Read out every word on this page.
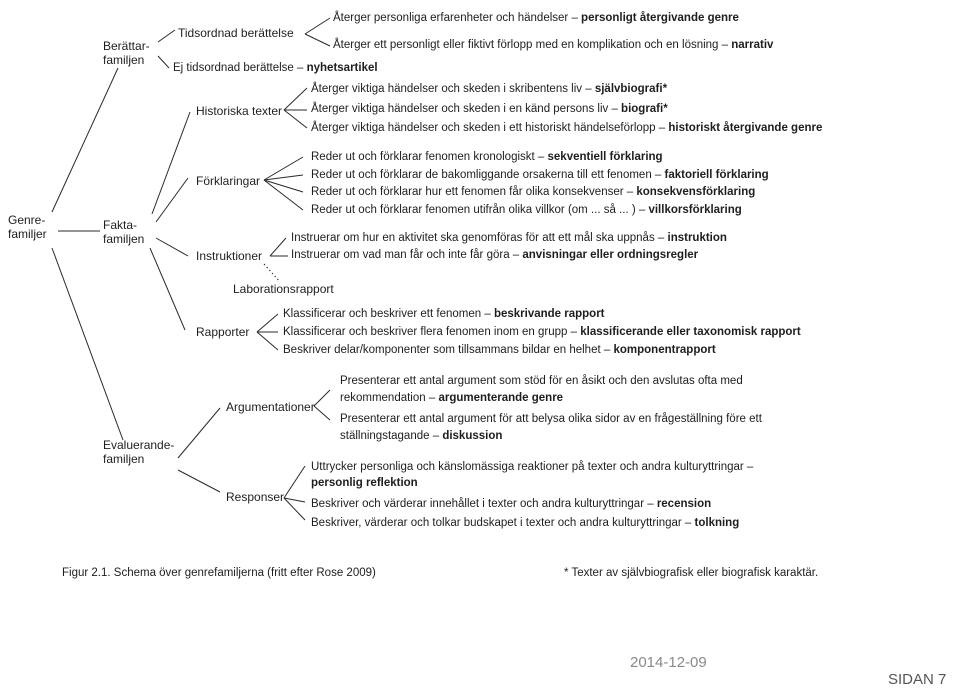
Genre-
familjer
Berättar-
familjen
Fakta-
familjen
Evaluerande-
familjen
Tidsordnad berättelse
Historiska texter
Förklaringar
Instruktioner
Laborationsrapport
Rapporter
Argumentationer
Responser
Återger personliga erfarenheter och händelser – personligt återgivande genre
Återger ett personligt eller fiktivt förlopp med en komplikation och en lösning – narrativ
Ej tidsordnad berättelse – nyhetsartikel
Återger viktiga händelser och skeden i skribentens liv – självbiografi*
Återger viktiga händelser och skeden i en känd persons liv – biografi*
Återger viktiga händelser och skeden i ett historiskt händelseförlopp – historiskt återgivande genre
Reder ut och förklarar fenomen kronologiskt – sekventiell förklaring
Reder ut och förklarar de bakomliggande orsakerna till ett fenomen – faktoriell förklaring
Reder ut och förklarar hur ett fenomen får olika konsekvenser – konsekvensförklaring
Reder ut och förklarar fenomen utifrån olika villkor (om ... så ... ) – villkorsförklaring
Instruerar om hur en aktivitet ska genomföras för att ett mål ska uppnås – instruktion
Instruerar om vad man får och inte får göra – anvisningar eller ordningsregler
Klassificerar och beskriver ett fenomen – beskrivande rapport
Klassificerar och beskriver flera fenomen inom en grupp – klassificerande eller taxonomisk rapport
Beskriver delar/komponenter som tillsammans bildar en helhet – komponentrapport
Presenterar ett antal argument som stöd för en åsikt och den avslutas ofta med
rekommendation – argumenterande genre
Presenterar ett antal argument för att belysa olika sidor av en frågeställning före ett
ställningstagande – diskussion
Uttrycker personliga och känslomässiga reaktioner på texter och andra kulturyttringar –
personlig reflektion
Beskriver och värderar innehållet i texter och andra kulturyttringar – recension
Beskriver, värderar och tolkar budskapet i texter och andra kulturyttringar – tolkning
Figur 2.1. Schema över genrefamiljerna (fritt efter Rose 2009)	* Texter av självbiografisk eller biografisk karaktär.
2014-12-09
SIDAN 7
